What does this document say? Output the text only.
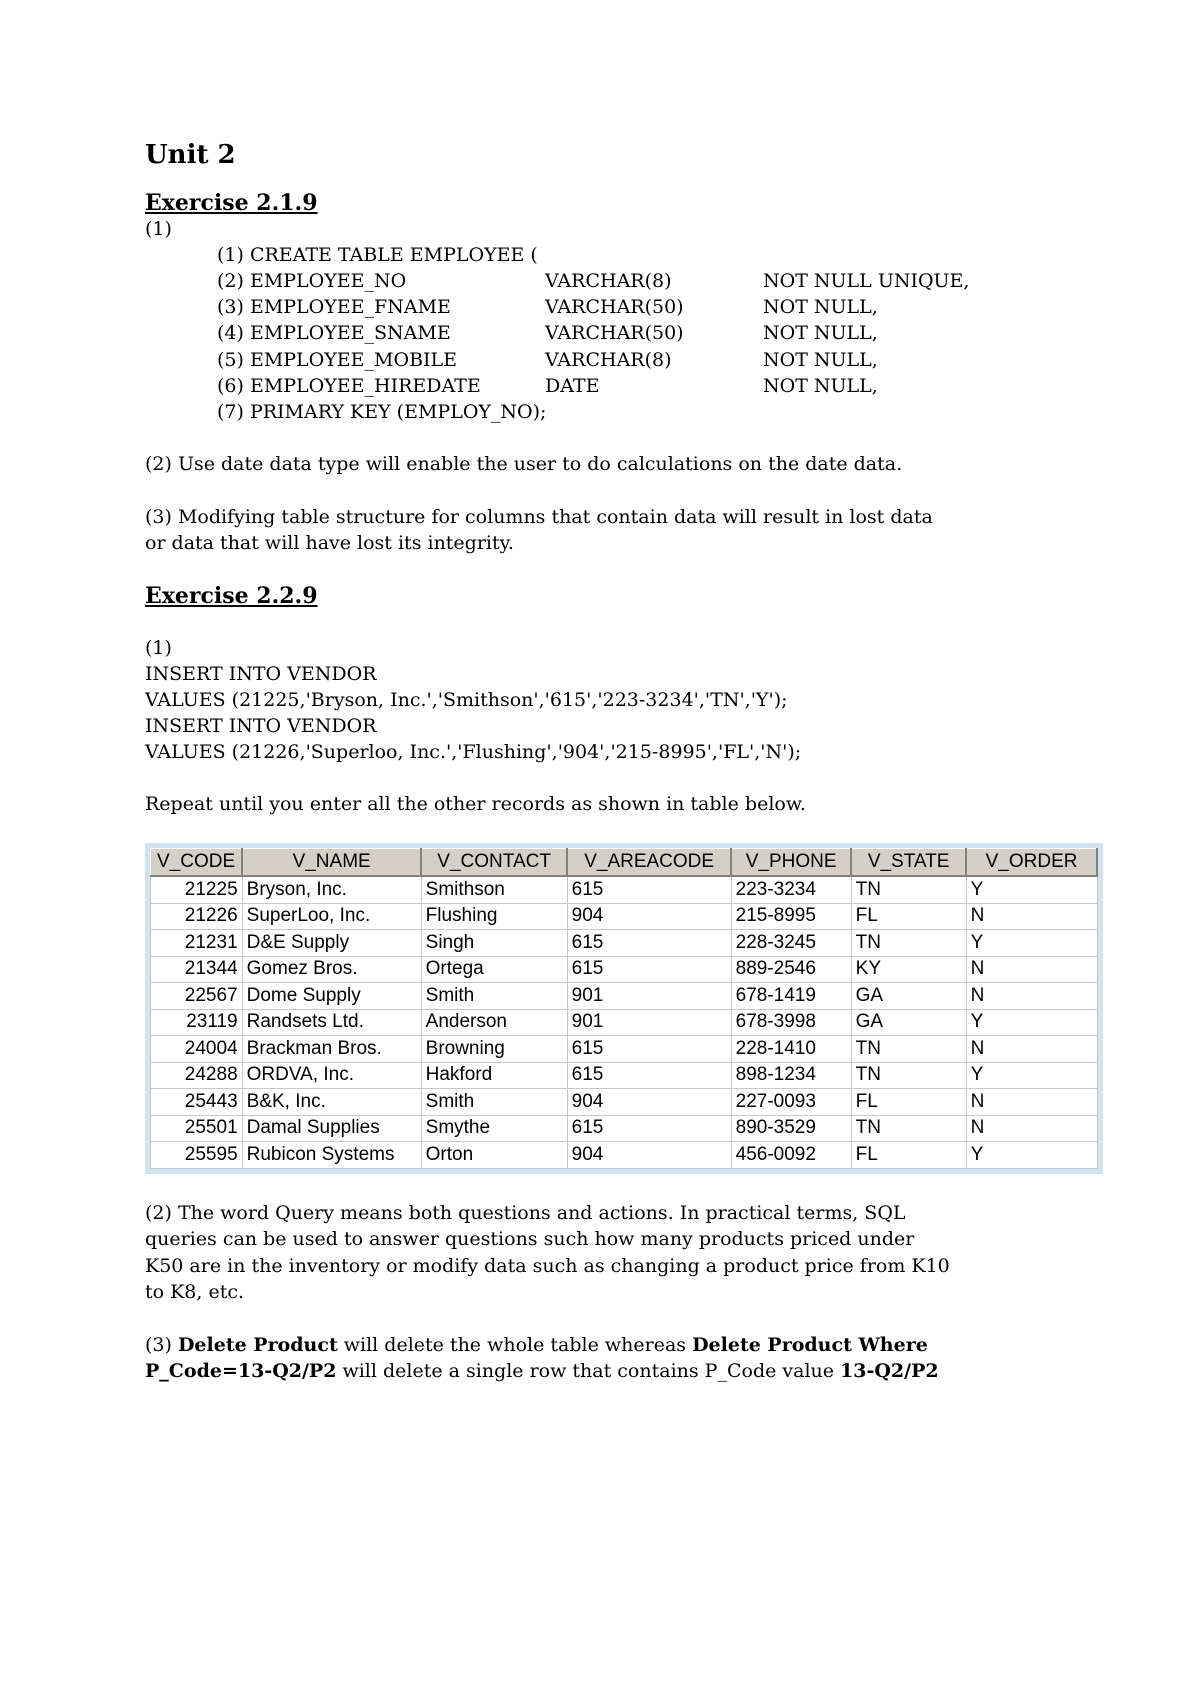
Unit 2
Exercise 2.1.9
(1)
(1) CREATE TABLE EMPLOYEE (
(2) EMPLOYEE_NO	VARCHAR(8)	NOT NULL UNIQUE,
(3) EMPLOYEE_FNAME	VARCHAR(50)	NOT NULL,
(4) EMPLOYEE_SNAME	VARCHAR(50)	NOT NULL,
(5) EMPLOYEE_MOBILE	VARCHAR(8)	NOT NULL,
(6) EMPLOYEE_HIREDATE	DATE	NOT NULL,
(7) PRIMARY KEY (EMPLOY_NO);

(2) Use date data type will enable the user to do calculations on the date data.

(3) Modifying table structure for columns that contain data will result in lost data

or data that will have lost its integrity.

Exercise 2.2.9
(1)
INSERT INTO VENDOR
VALUES (21225,'Bryson, Inc.','Smithson','615','223-3234','TN','Y');
INSERT INTO VENDOR
VALUES (21226,'Superloo, Inc.','Flushing','904','215-8995','FL','N');

Repeat until you enter all the other records as shown in table below.

V_CODE	V_NAME	V_CONTACT	V_AREACODE	V_PHONE	V_STATE	V_ORDER
21225	Bryson, Inc.	Smithson	615	223-3234	TN	Y
21226	SuperLoo, Inc.	Flushing	904	215-8995	FL	N
21231	D&E Supply	Singh	615	228-3245	TN	Y
21344	Gomez Bros.	Ortega	615	889-2546	KY	N
22567	Dome Supply	Smith	901	678-1419	GA	N
23119	Randsets Ltd.	Anderson	901	678-3998	GA	Y
24004	Brackman Bros.	Browning	615	228-1410	TN	N
24288	ORDVA, Inc.	Hakford	615	898-1234	TN	Y
25443	B&K, Inc.	Smith	904	227-0093	FL	N
25501	Damal Supplies	Smythe	615	890-3529	TN	N
25595	Rubicon Systems	Orton	904	456-0092	FL	Y

(2) The word Query means both questions and actions. In practical terms, SQL

queries can be used to answer questions such how many products priced under

K50 are in the inventory or modify data such as changing a product price from K10

to K8, etc.

(3) Delete Product will delete the whole table whereas Delete Product Where
P_Code=13-Q2/P2 will delete a single row that contains P_Code value 13-Q2/P2
